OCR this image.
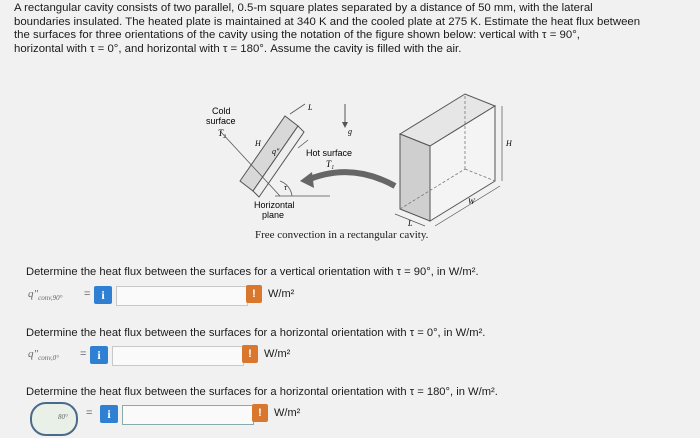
A rectangular cavity consists of two parallel, 0.5-m square plates separated by a distance of 50 mm, with the lateral
boundaries insulated. The heated plate is maintained at 340 K and the cooled plate at 275 K. Estimate the heat flux between
the surfaces for three orientations of the cavity using the notation of the figure shown below: vertical with τ = 90°,
horizontal with τ = 0°, and horizontal with τ = 180°. Assume the cavity is filled with the air.
Cold
surface
T₂
Hot surface
T₁
H
L
g
q"
τ
Horizontal
plane
H
W
L
Free convection in a rectangular cavity.
Determine the heat flux between the surfaces for a vertical orientation with τ = 90°, in W/m².
$q"_{conv,90^\circ} = i$	!	W/m²
Determine the heat flux between the surfaces for a horizontal orientation with τ = 0°, in W/m².
$q"_{conv,0^\circ} = i$	!	W/m²
Determine the heat flux between the surfaces for a horizontal orientation with τ = 180°, in W/m².
$_{80^\circ}$ =	i	!	W/m²
